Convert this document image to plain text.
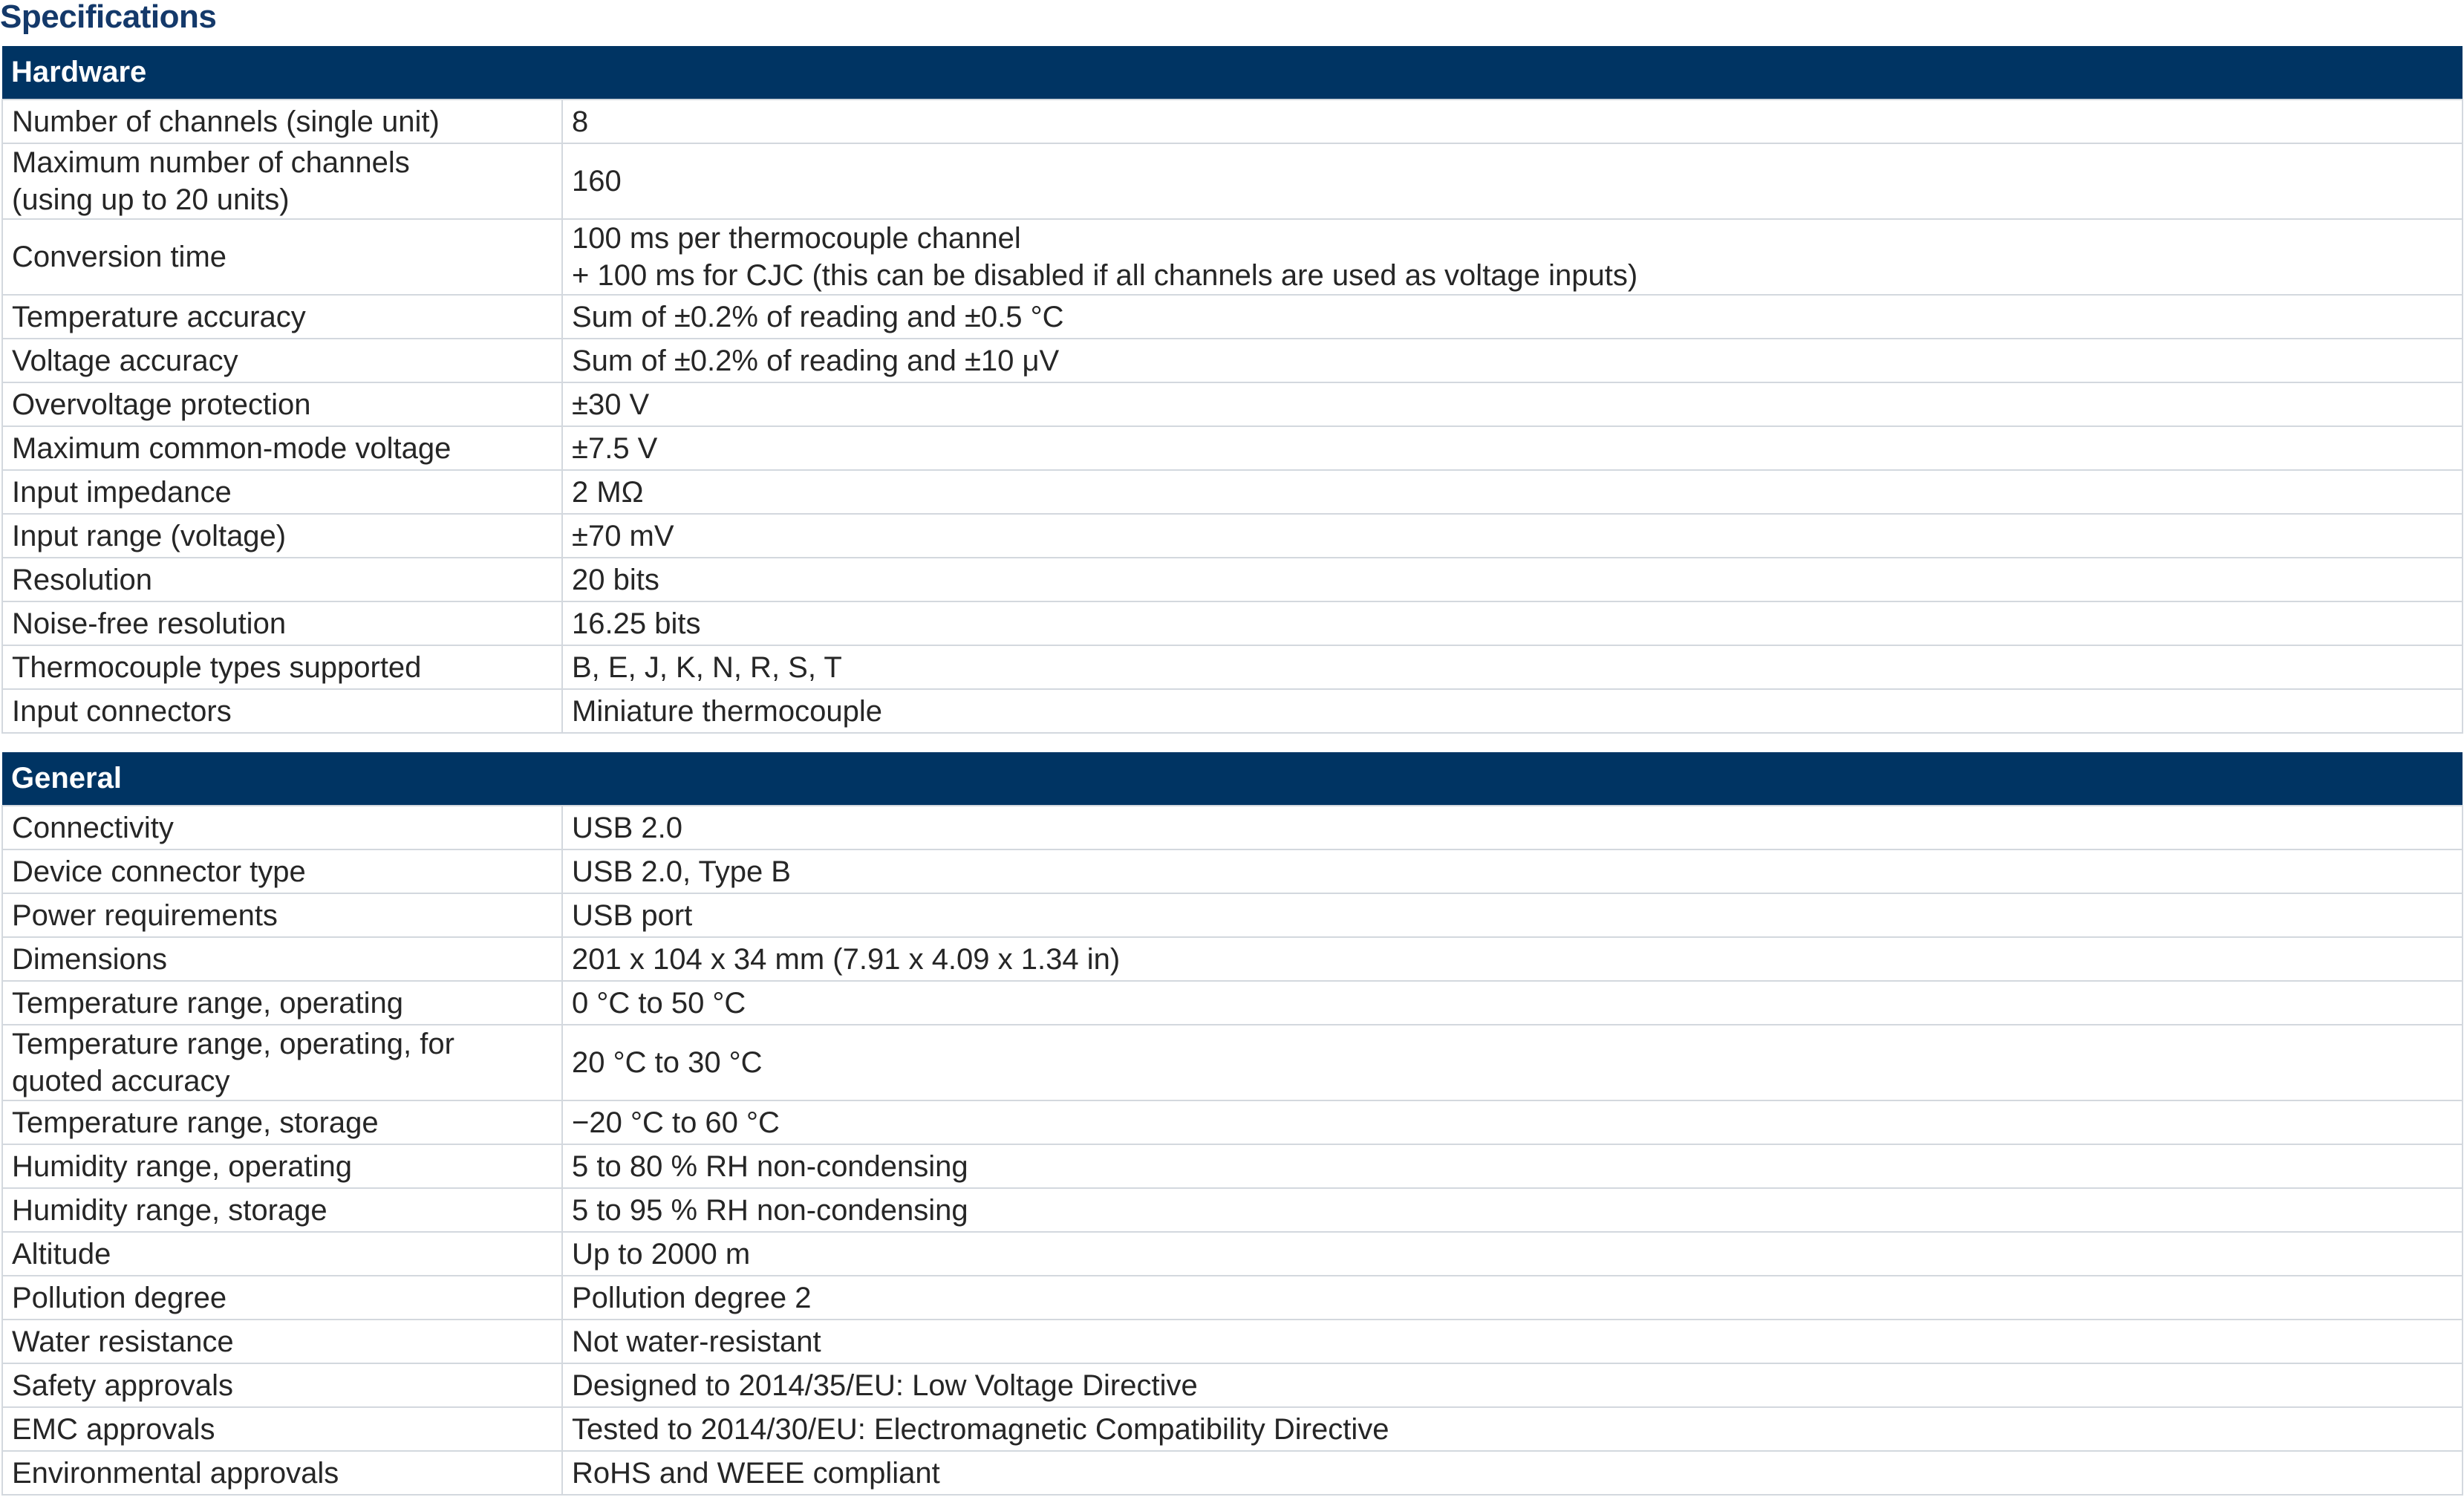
Specifications
Hardware	
Number of channels (single unit)	8
Maximum number of channels
(using up to 20 units)	160
Conversion time	100 ms per thermocouple channel
+ 100 ms for CJC (this can be disabled if all channels are used as voltage inputs)
Temperature accuracy	Sum of ±0.2% of reading and ±0.5 °C
Voltage accuracy	Sum of ±0.2% of reading and ±10 μV
Overvoltage protection	±30 V
Maximum common-mode voltage	±7.5 V
Input impedance	2 MΩ
Input range (voltage)	±70 mV
Resolution	20 bits
Noise-free resolution	16.25 bits
Thermocouple types supported	B, E, J, K, N, R, S, T
Input connectors	Miniature thermocouple
General	
Connectivity	USB 2.0
Device connector type	USB 2.0, Type B
Power requirements	USB port
Dimensions	201 x 104 x 34 mm (7.91 x 4.09 x 1.34 in)
Temperature range, operating	0 °C to 50 °C
Temperature range, operating, for
quoted accuracy	20 °C to 30 °C
Temperature range, storage	−20 °C to 60 °C
Humidity range, operating	5 to 80 % RH non-condensing
Humidity range, storage	5 to 95 % RH non-condensing
Altitude	Up to 2000 m
Pollution degree	Pollution degree 2
Water resistance	Not water-resistant
Safety approvals	Designed to 2014/35/EU: Low Voltage Directive
EMC approvals	Tested to 2014/30/EU: Electromagnetic Compatibility Directive
Environmental approvals	RoHS and WEEE compliant
